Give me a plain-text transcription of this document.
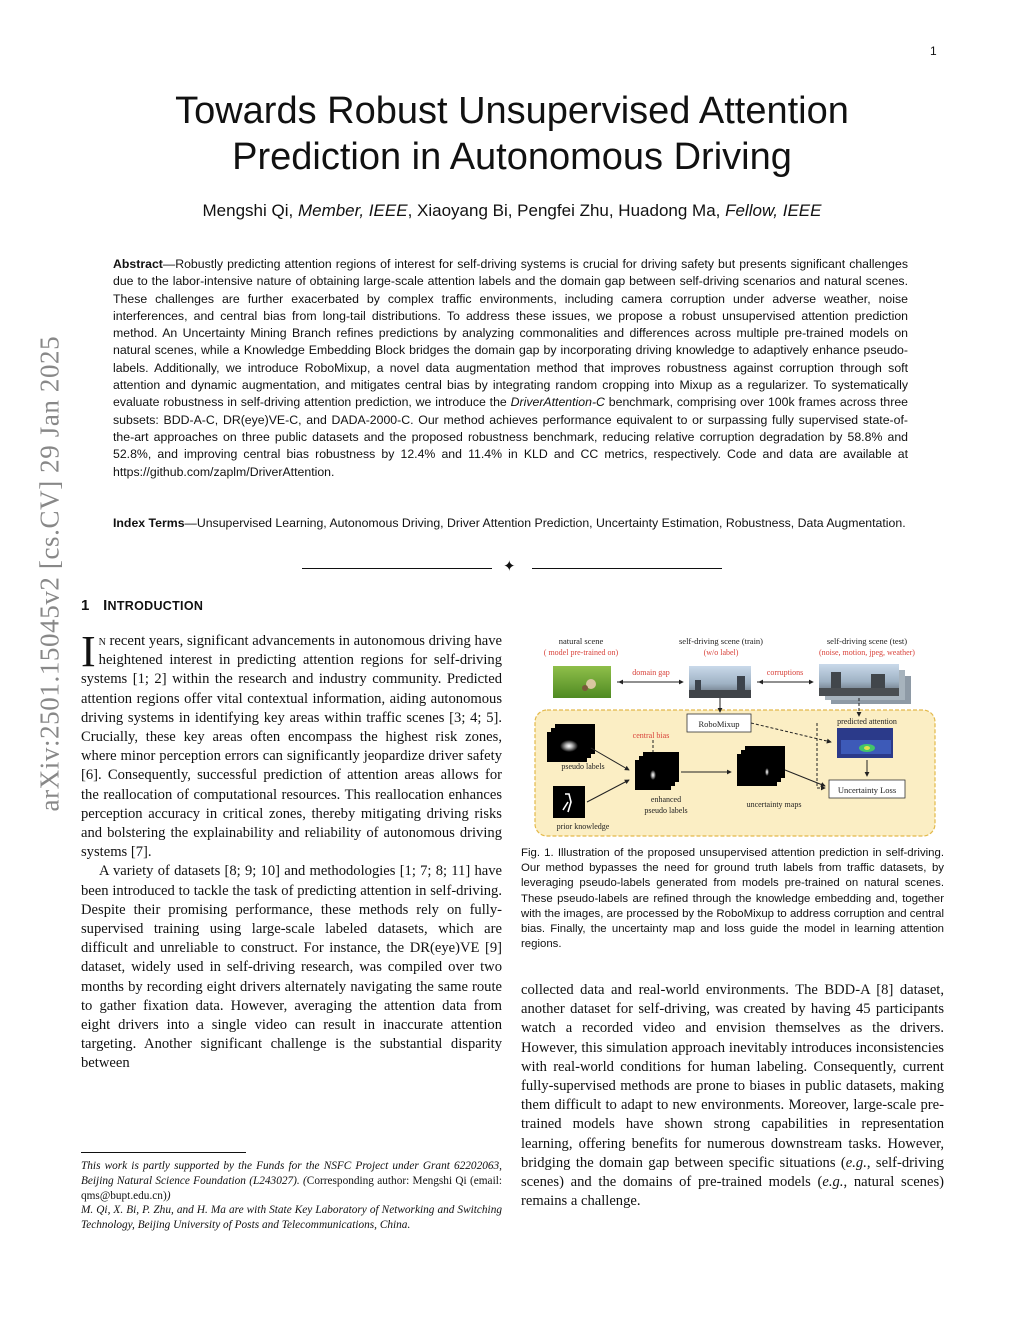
1
arXiv:2501.15045v2 [cs.CV] 29 Jan 2025
Towards Robust Unsupervised Attention
Prediction in Autonomous Driving
Mengshi Qi, Member, IEEE, Xiaoyang Bi, Pengfei Zhu, Huadong Ma, Fellow, IEEE
Abstract—Robustly predicting attention regions of interest for self-driving systems is crucial for driving safety but presents significant challenges due to the labor-intensive nature of obtaining large-scale attention labels and the domain gap between self-driving scenarios and natural scenes. These challenges are further exacerbated by complex traffic environments, including camera corruption under adverse weather, noise interferences, and central bias from long-tail distributions. To address these issues, we propose a robust unsupervised attention prediction method. An Uncertainty Mining Branch refines predictions by analyzing commonalities and differences across multiple pre-trained models on natural scenes, while a Knowledge Embedding Block bridges the domain gap by incorporating driving knowledge to adaptively enhance pseudo-labels. Additionally, we introduce RoboMixup, a novel data augmentation method that improves robustness against corruption through soft attention and dynamic augmentation, and mitigates central bias by integrating random cropping into Mixup as a regularizer. To systematically evaluate robustness in self-driving attention prediction, we introduce the DriverAttention-C benchmark, comprising over 100k frames across three subsets: BDD-A-C, DR(eye)VE-C, and DADA-2000-C. Our method achieves performance equivalent to or surpassing fully supervised state-of-the-art approaches on three public datasets and the proposed robustness benchmark, reducing relative corruption degradation by 58.8% and 52.8%, and improving central bias robustness by 12.4% and 11.4% in KLD and CC metrics, respectively. Code and data are available at https://github.com/zaplm/DriverAttention.
Index Terms—Unsupervised Learning, Autonomous Driving, Driver Attention Prediction, Uncertainty Estimation, Robustness, Data Augmentation.
✦
1 INTRODUCTION

In recent years, significant advancements in autonomous driving have heightened interest in predicting attention regions for self-driving systems [1; 2] within the research and industry community. Predicted attention regions offer vital contextual information, aiding autonomous driving systems in identifying key areas within traffic scenes [3; 4; 5]. Crucially, these key areas often encompass the highest risk zones, where minor perception errors can significantly jeopardize driver safety [6]. Consequently, successful prediction of attention areas allows for the reallocation of computational resources. This reallocation enhances perception accuracy in critical zones, thereby mitigating driving risks and bolstering the explainability and reliability of autonomous driving systems [7].

A variety of datasets [8; 9; 10] and methodologies [1; 7; 8; 11] have been introduced to tackle the task of predicting attention in self-driving. Despite their promising performance, these methods rely on fully-supervised training using large-scale labeled datasets, which are difficult and unreliable to construct. For instance, the DR(eye)VE [9] dataset, widely used in self-driving research, was compiled over two months by recording eight drivers alternately navigating the same route to gather fixation data. However, averaging the attention data from eight drivers into a single video can result in inaccurate attention targeting. Another significant challenge is the substantial disparity between

This work is partly supported by the Funds for the NSFC Project under Grant 62202063, Beijing Natural Science Foundation (L243027). (Corresponding author: Mengshi Qi (email: qms@bupt.edu.cn))

M. Qi, X. Bi, P. Zhu, and H. Ma are with State Key Laboratory of Networking and Switching Technology, Beijing University of Posts and Telecommunications, China.

natural scene
( model pre-trained on)
self-driving scene (train)
(w/o label)
self-driving scene (test)
(noise, motion, jpeg, weather)
domain gap	corruptions
RoboMixup
pseudo labels
prior knowledge
central bias
enhanced
pseudo labels
uncertainty maps
predicted attention
Uncertainty Loss
Fig. 1. Illustration of the proposed unsupervised attention prediction in self-driving. Our method bypasses the need for ground truth labels from traffic datasets, by leveraging pseudo-labels generated from models pre-trained on natural scenes. These pseudo-labels are refined through the knowledge embedding and, together with the images, are processed by the RoboMixup to address corruption and central bias. Finally, the uncertainty map and loss guide the model in learning attention regions.
collected data and real-world environments. The BDD-A [8] dataset, another dataset for self-driving, was created by having 45 participants watch a recorded video and envision themselves as the drivers. However, this simulation approach inevitably introduces inconsistencies with real-world conditions for human labeling. Consequently, current fully-supervised methods are prone to biases in public datasets, making them difficult to adapt to new environments. Moreover, large-scale pre-trained models have shown strong capabilities in representation learning, offering benefits for numerous downstream tasks. However, bridging the domain gap between specific situations (e.g., self-driving scenes) and the domains of pre-trained models (e.g., natural scenes) remains a challenge.
